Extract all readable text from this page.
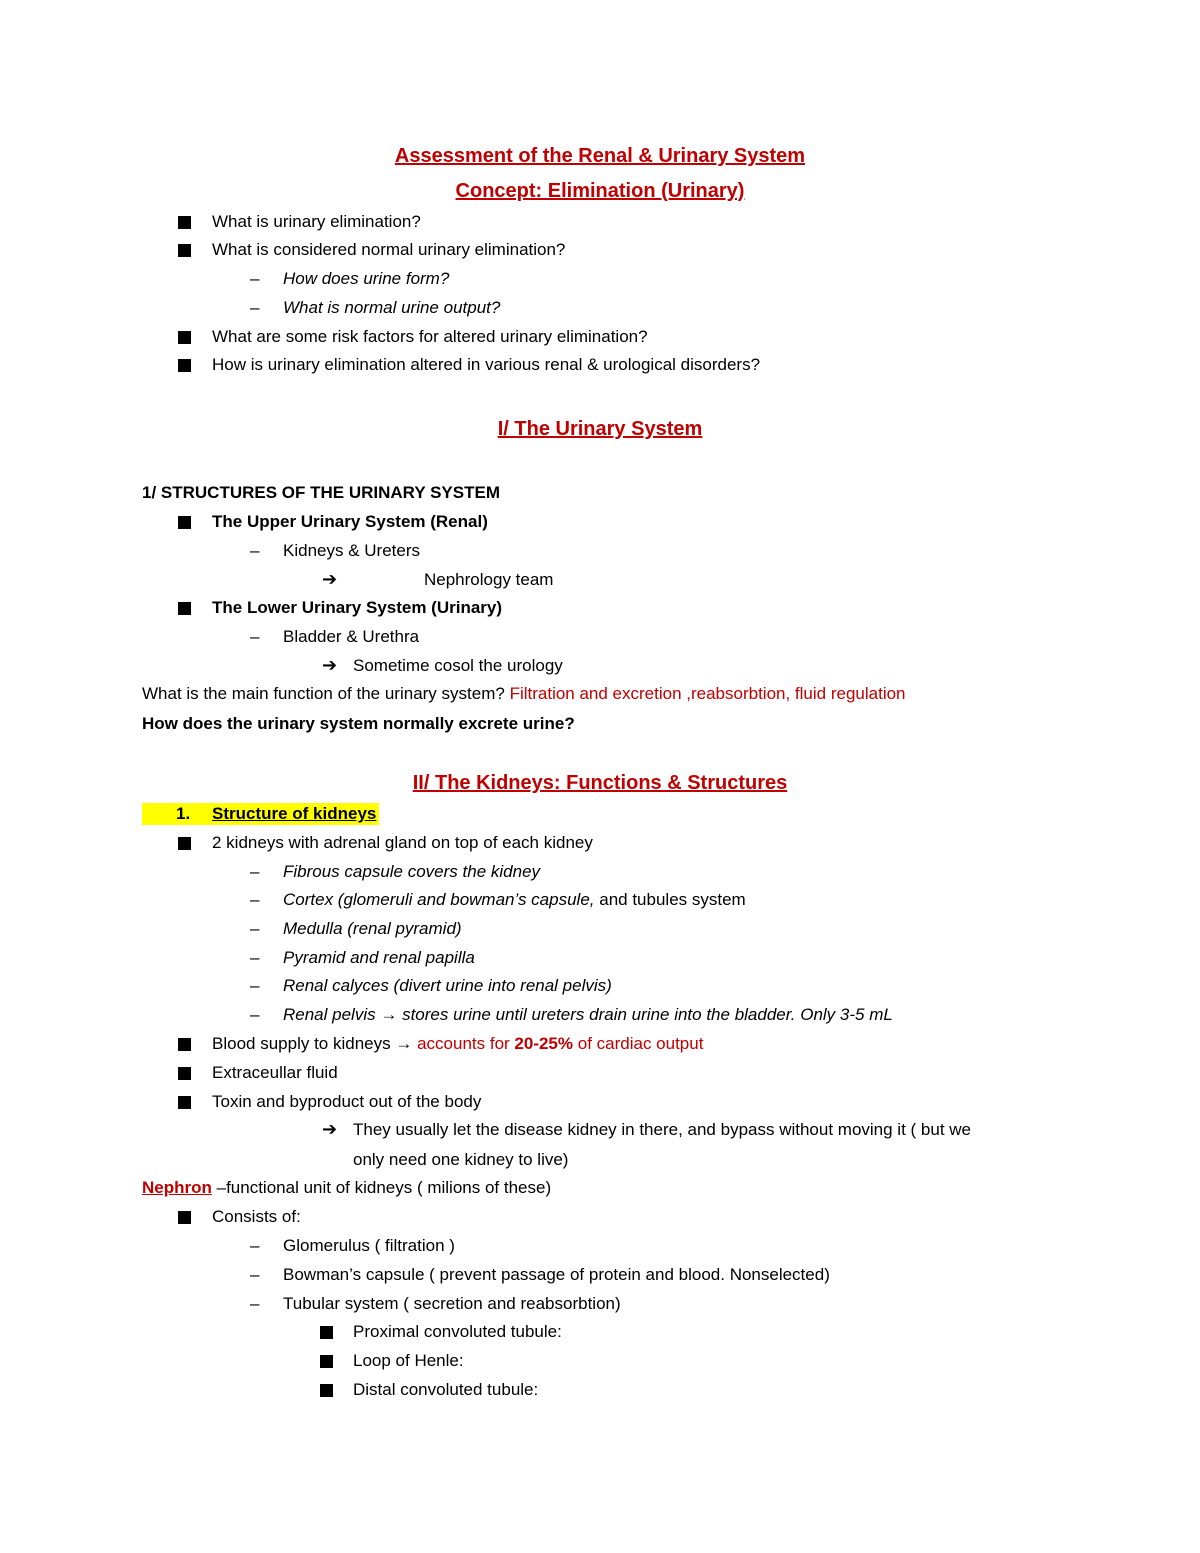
Assessment of the Renal & Urinary System
Concept: Elimination (Urinary)
What is urinary elimination?
What is considered normal urinary elimination?
– How does urine form?
– What is normal urine output?
What are some risk factors for altered urinary elimination?
How is urinary elimination altered in various renal & urological disorders?
I/ The Urinary System
1/ STRUCTURES OF THE URINARY SYSTEM
The Upper Urinary System (Renal)
– Kidneys & Ureters
➔	Nephrology team
The Lower Urinary System (Urinary)
– Bladder & Urethra
➔ Sometime cosol the urology
What is the main function of the urinary system? Filtration and excretion ,reabsorbtion, fluid regulation
How does the urinary system normally excrete urine?
II/ The Kidneys: Functions & Structures
1. Structure of kidneys
2 kidneys with adrenal gland on top of each kidney
– Fibrous capsule covers the kidney
– Cortex (glomeruli and bowman’s capsule, and tubules system
– Medulla (renal pyramid)
– Pyramid and renal papilla
– Renal calyces (divert urine into renal pelvis)
– Renal pelvis → stores urine until ureters drain urine into the bladder. Only 3-5 mL
Blood supply to kidneys → accounts for 20-25% of cardiac output
Extraceullar fluid
Toxin and byproduct out of the body
➔ They usually let the disease kidney in there, and bypass without moving it ( but we
only need one kidney to live)
Nephron –functional unit of kidneys ( milions of these)
Consists of:
– Glomerulus ( filtration )
– Bowman’s capsule ( prevent passage of protein and blood. Nonselected)
– Tubular system ( secretion and reabsorbtion)
Proximal convoluted tubule:
Loop of Henle:
Distal convoluted tubule:
